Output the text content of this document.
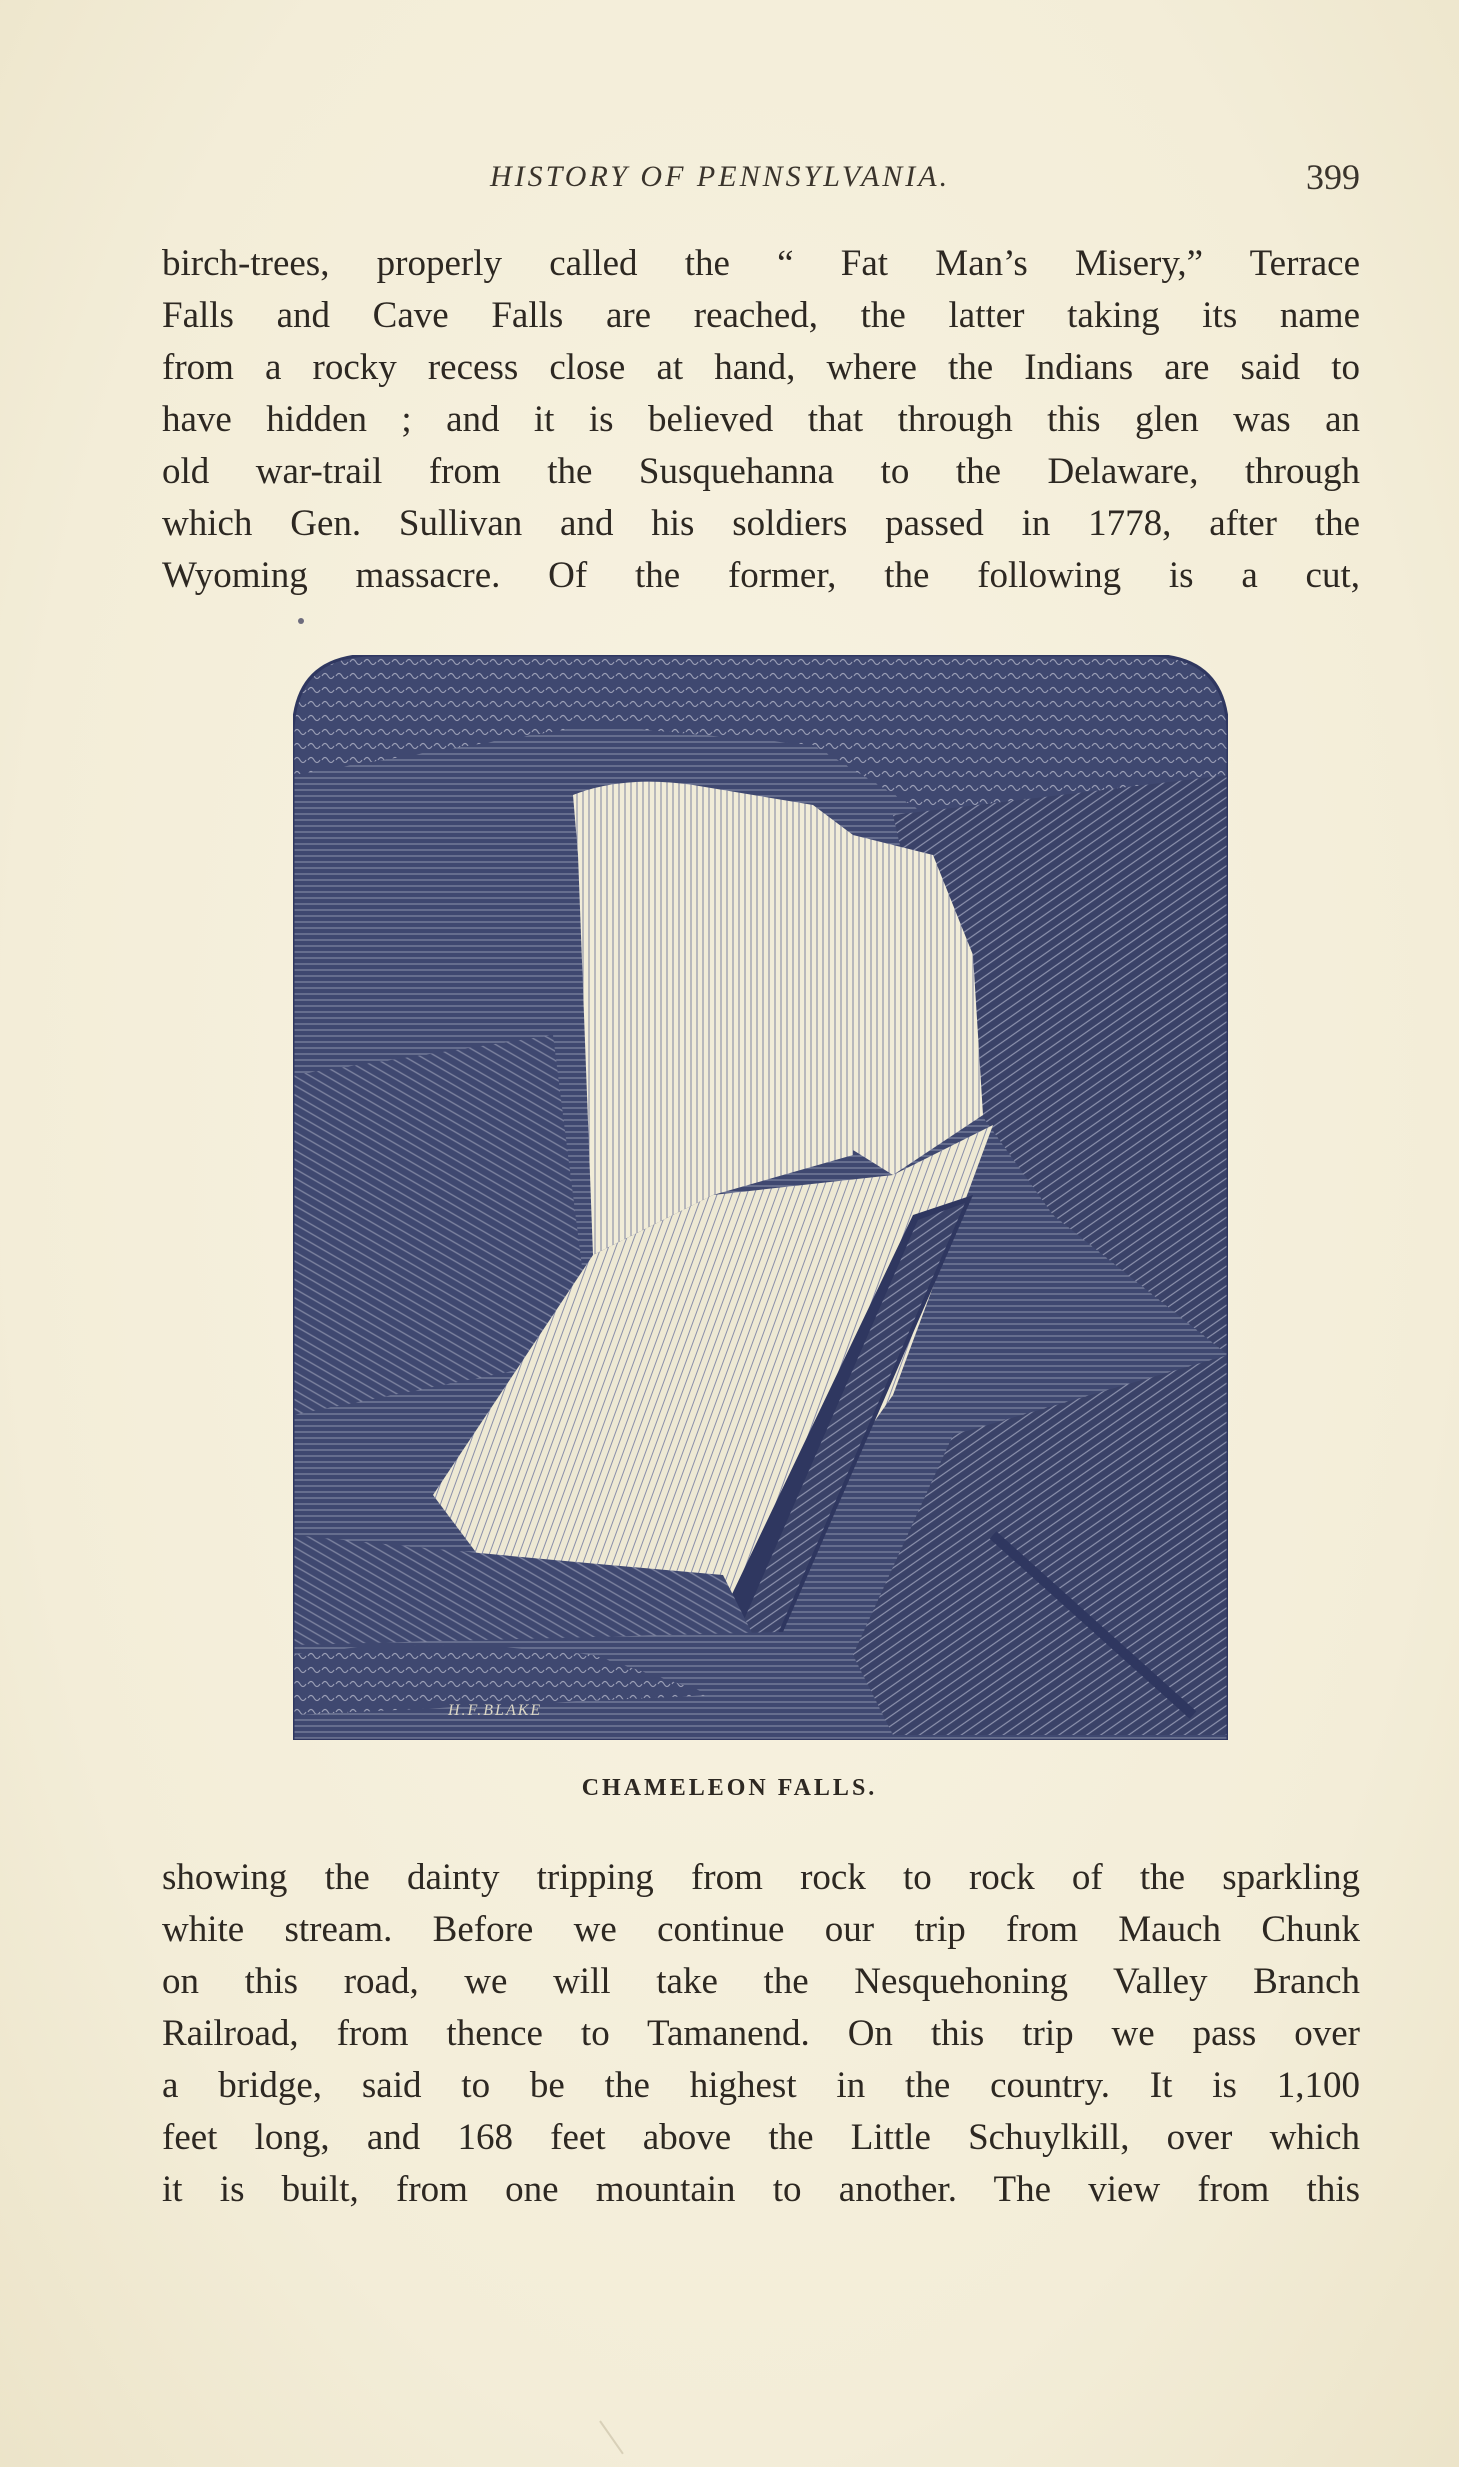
HISTORY OF PENNSYLVANIA.	399
birch-trees, properly called the “ Fat Man’s Misery,” Terrace
Falls and Cave Falls are reached, the latter taking its name
from a rocky recess close at hand, where the Indians are said to
have hidden ; and it is believed that through this glen was an
old war-trail from the Susquehanna to the Delaware, through
which Gen. Sullivan and his soldiers passed in 1778, after the
Wyoming massacre. Of the former, the following is a cut,
H.F.BLAKE
CHAMELEON FALLS.
showing the dainty tripping from rock to rock of the sparkling
white stream. Before we continue our trip from Mauch Chunk
on this road, we will take the Nesquehoning Valley Branch
Railroad, from thence to Tamanend. On this trip we pass over
a bridge, said to be the highest in the country. It is 1,100
feet long, and 168 feet above the Little Schuylkill, over which
it is built, from one mountain to another. The view from this
